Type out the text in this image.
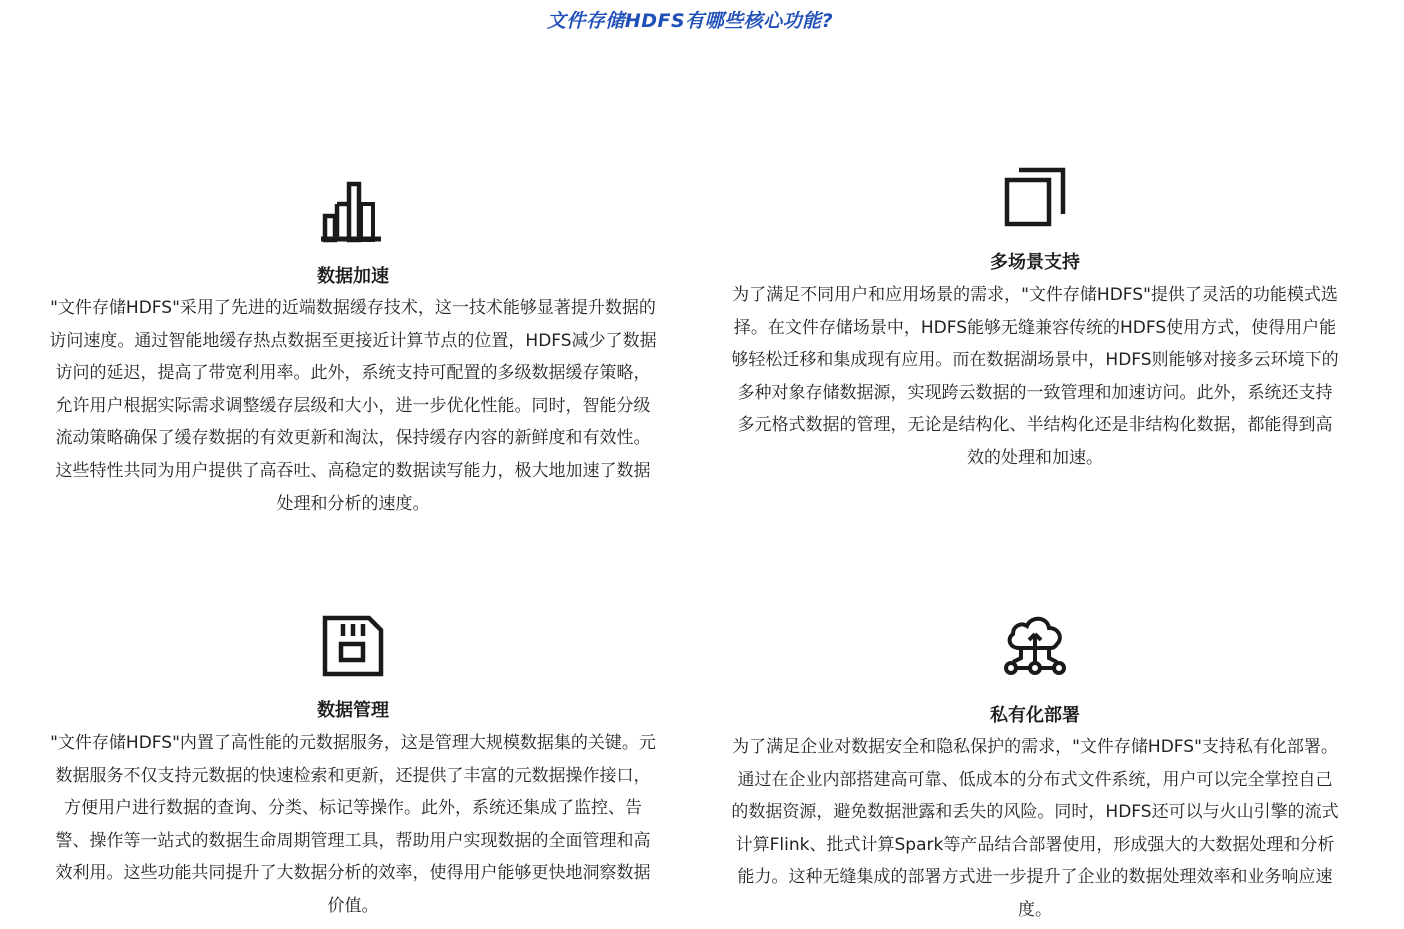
文件存储HDFS有哪些核心功能?
数据加速
"文件存储HDFS"采用了先进的近端数据缓存技术，这一技术能够显著提升数据的访问速度。通过智能地缓存热点数据至更接近计算节点的位置，HDFS减少了数据访问的延迟，提高了带宽利用率。此外，系统支持可配置的多级数据缓存策略，允许用户根据实际需求调整缓存层级和大小，进一步优化性能。同时，智能分级流动策略确保了缓存数据的有效更新和淘汰，保持缓存内容的新鲜度和有效性。这些特性共同为用户提供了高吞吐、高稳定的数据读写能力，极大地加速了数据处理和分析的速度。
多场景支持
为了满足不同用户和应用场景的需求，"文件存储HDFS"提供了灵活的功能模式选择。在文件存储场景中，HDFS能够无缝兼容传统的HDFS使用方式，使得用户能够轻松迁移和集成现有应用。而在数据湖场景中，HDFS则能够对接多云环境下的多种对象存储数据源，实现跨云数据的一致管理和加速访问。此外，系统还支持多元格式数据的管理，无论是结构化、半结构化还是非结构化数据，都能得到高效的处理和加速。
数据管理
"文件存储HDFS"内置了高性能的元数据服务，这是管理大规模数据集的关键。元数据服务不仅支持元数据的快速检索和更新，还提供了丰富的元数据操作接口，方便用户进行数据的查询、分类、标记等操作。此外，系统还集成了监控、告警、操作等一站式的数据生命周期管理工具，帮助用户实现数据的全面管理和高效利用。这些功能共同提升了大数据分析的效率，使得用户能够更快地洞察数据价值。
私有化部署
为了满足企业对数据安全和隐私保护的需求，"文件存储HDFS"支持私有化部署。通过在企业内部搭建高可靠、低成本的分布式文件系统，用户可以完全掌控自己的数据资源，避免数据泄露和丢失的风险。同时，HDFS还可以与火山引擎的流式计算Flink、批式计算Spark等产品结合部署使用，形成强大的大数据处理和分析能力。这种无缝集成的部署方式进一步提升了企业的数据处理效率和业务响应速度。
